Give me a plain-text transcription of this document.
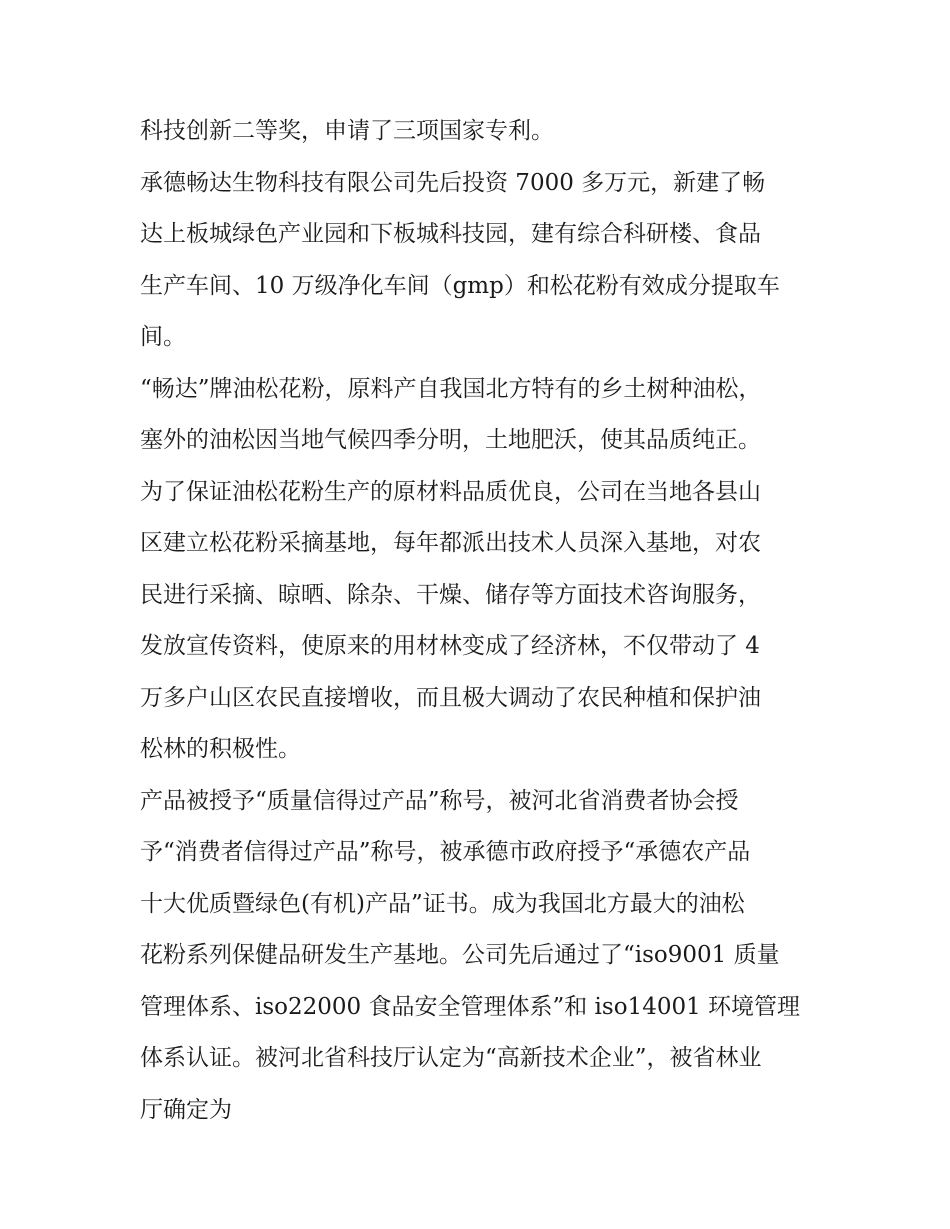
科技创新二等奖，申请了三项国家专利。
承德畅达生物科技有限公司先后投资 7000 多万元，新建了畅
达上板城绿色产业园和下板城科技园，建有综合科研楼、食品
生产车间、10 万级净化车间（gmp）和松花粉有效成分提取车
间。
“畅达”牌油松花粉，原料产自我国北方特有的乡土树种油松，
塞外的油松因当地气候四季分明，土地肥沃，使其品质纯正。
为了保证油松花粉生产的原材料品质优良，公司在当地各县山
区建立松花粉采摘基地，每年都派出技术人员深入基地，对农
民进行采摘、晾晒、除杂、干燥、储存等方面技术咨询服务，
发放宣传资料，使原来的用材林变成了经济林，不仅带动了 4
万多户山区农民直接增收，而且极大调动了农民种植和保护油
松林的积极性。
产品被授予“质量信得过产品”称号，被河北省消费者协会授
予“消费者信得过产品”称号，被承德市政府授予“承德农产品
十大优质暨绿色(有机)产品”证书。成为我国北方最大的油松
花粉系列保健品研发生产基地。公司先后通过了“iso9001 质量
管理体系、iso22000 食品安全管理体系”和 iso14001 环境管理
体系认证。被河北省科技厅认定为“高新技术企业”，被省林业
厅确定为
